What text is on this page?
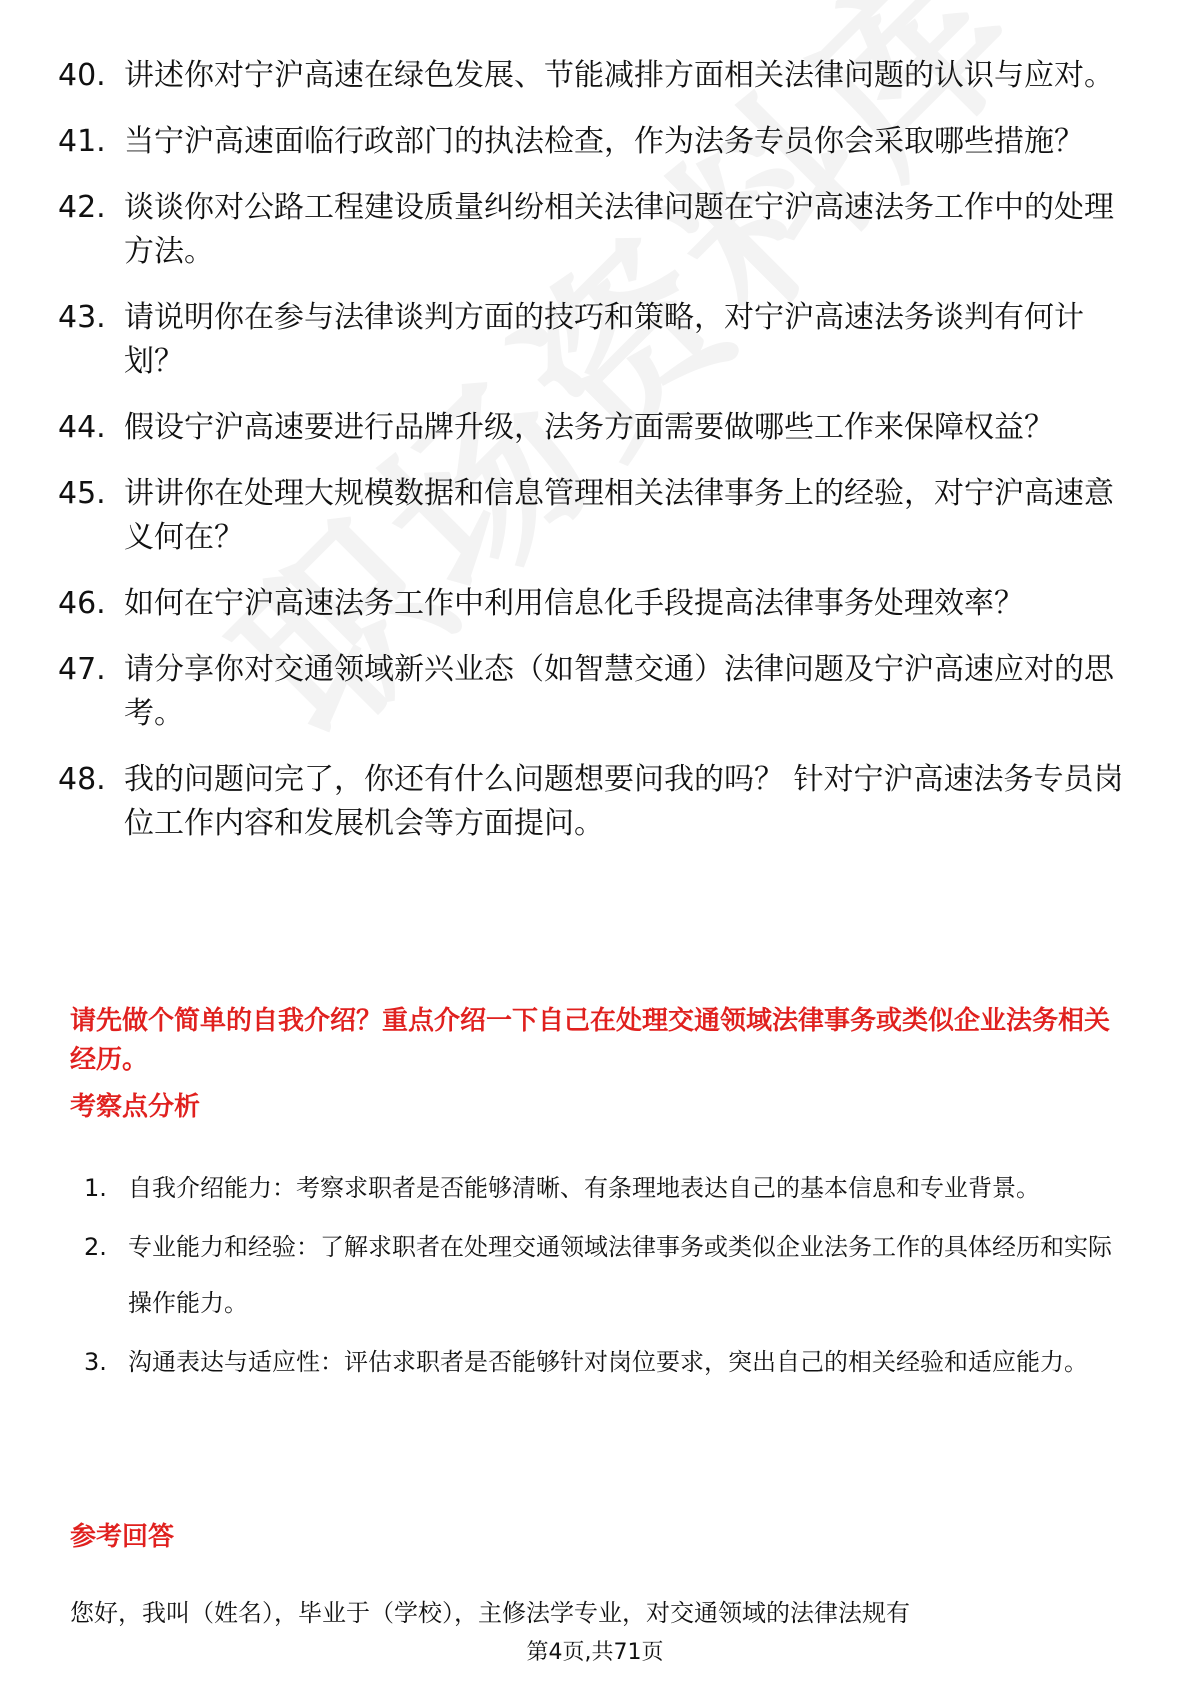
40. 讲述你对宁沪高速在绿色发展、节能减排方面相关法律问题的认识与应对。
41. 当宁沪高速面临行政部门的执法检查，作为法务专员你会采取哪些措施？
42. 谈谈你对公路工程建设质量纠纷相关法律问题在宁沪高速法务工作中的处理方法。
43. 请说明你在参与法律谈判方面的技巧和策略，对宁沪高速法务谈判有何计划？
44. 假设宁沪高速要进行品牌升级，法务方面需要做哪些工作来保障权益？
45. 讲讲你在处理大规模数据和信息管理相关法律事务上的经验，对宁沪高速意义何在？
46. 如何在宁沪高速法务工作中利用信息化手段提高法律事务处理效率？
47. 请分享你对交通领域新兴业态（如智慧交通）法律问题及宁沪高速应对的思考。
48. 我的问题问完了，你还有什么问题想要问我的吗？ 针对宁沪高速法务专员岗位工作内容和发展机会等方面提问。
请先做个简单的自我介绍？重点介绍一下自己在处理交通领域法律事务或类似企业法务相关经历。
考察点分析
1. 自我介绍能力：考察求职者是否能够清晰、有条理地表达自己的基本信息和专业背景。
2. 专业能力和经验：了解求职者在处理交通领域法律事务或类似企业法务工作的具体经历和实际操作能力。
3. 沟通表达与适应性：评估求职者是否能够针对岗位要求，突出自己的相关经验和适应能力。
参考回答
您好，我叫（姓名），毕业于（学校），主修法学专业，对交通领域的法律法规有
第4页,共71页
